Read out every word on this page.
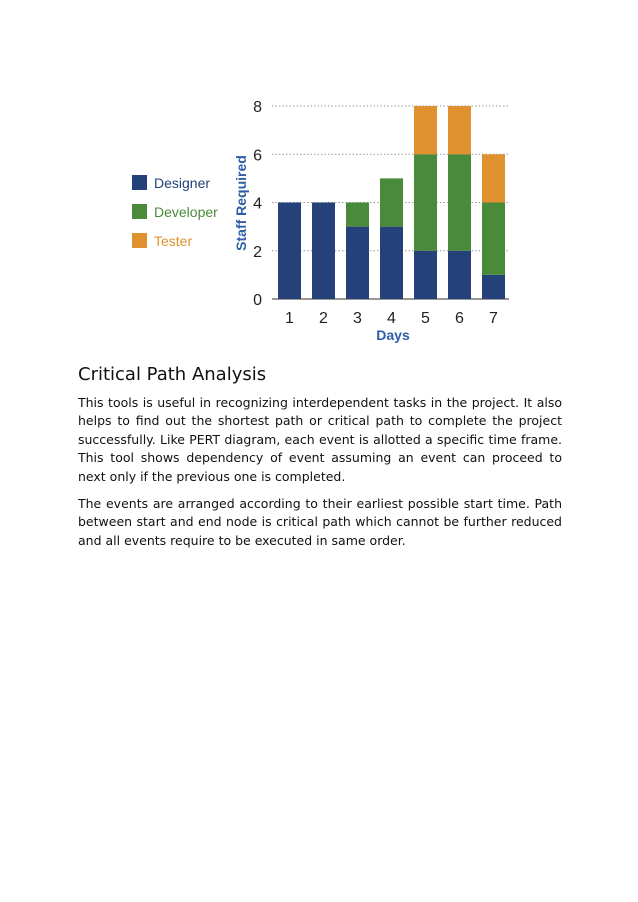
0
2
4
6
8
1 2 3 4 5 6 7
Days
Staff Required
Designer
Developer
Tester
Critical Path Analysis

This tools is useful in recognizing interdependent tasks in the project. It also helps to find out the shortest path or critical path to complete the project successfully. Like PERT diagram, each event is allotted a specific time frame. This tool shows dependency of event assuming an event can proceed to next only if the previous one is completed.

The events are arranged according to their earliest possible start time. Path between start and end node is critical path which cannot be further reduced and all events require to be executed in same order.
